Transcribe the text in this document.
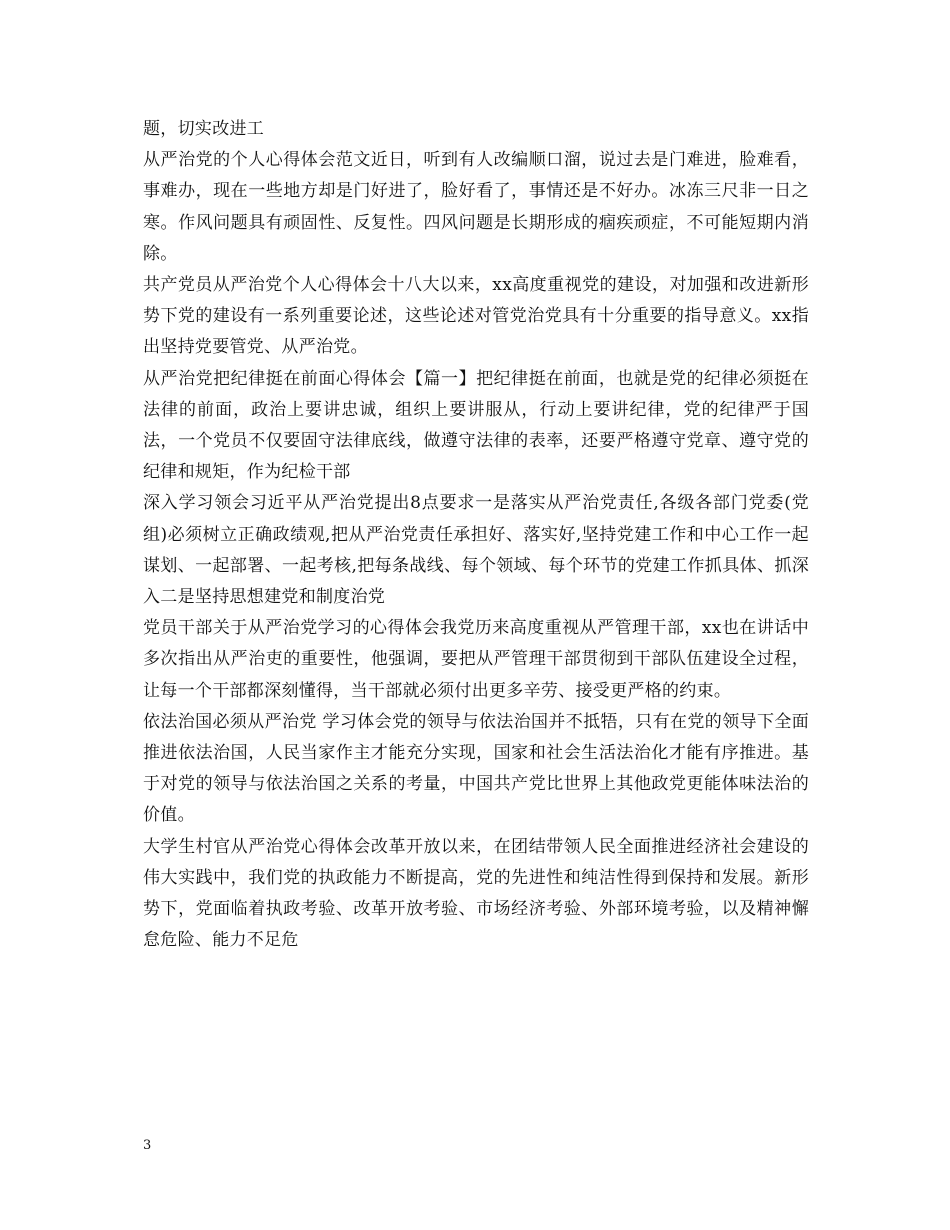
题，切实改进工

从严治党的个人心得体会范文近日，听到有人改编顺口溜，说过去是门难进，脸难看，事难办，现在一些地方却是门好进了，脸好看了，事情还是不好办。冰冻三尺非一日之寒。作风问题具有顽固性、反复性。四风问题是长期形成的痼疾顽症，不可能短期内消除。

共产党员从严治党个人心得体会十八大以来，xx高度重视党的建设，对加强和改进新形势下党的建设有一系列重要论述，这些论述对管党治党具有十分重要的指导意义。xx指出坚持党要管党、从严治党。

从严治党把纪律挺在前面心得体会【篇一】把纪律挺在前面，也就是党的纪律必须挺在法律的前面，政治上要讲忠诚，组织上要讲服从，行动上要讲纪律，党的纪律严于国法，一个党员不仅要固守法律底线，做遵守法律的表率，还要严格遵守党章、遵守党的纪律和规矩，作为纪检干部

深入学习领会习近平从严治党提出8点要求一是落实从严治党责任,各级各部门党委(党组)必须树立正确政绩观,把从严治党责任承担好、落实好,坚持党建工作和中心工作一起谋划、一起部署、一起考核,把每条战线、每个领域、每个环节的党建工作抓具体、抓深入二是坚持思想建党和制度治党

党员干部关于从严治党学习的心得体会我党历来高度重视从严管理干部，xx也在讲话中多次指出从严治吏的重要性，他强调，要把从严管理干部贯彻到干部队伍建设全过程，让每一个干部都深刻懂得，当干部就必须付出更多辛劳、接受更严格的约束。

依法治国必须从严治党 学习体会党的领导与依法治国并不抵牾，只有在党的领导下全面推进依法治国，人民当家作主才能充分实现，国家和社会生活法治化才能有序推进。基于对党的领导与依法治国之关系的考量，中国共产党比世界上其他政党更能体味法治的价值。

大学生村官从严治党心得体会改革开放以来，在团结带领人民全面推进经济社会建设的伟大实践中，我们党的执政能力不断提高，党的先进性和纯洁性得到保持和发展。新形势下，党面临着执政考验、改革开放考验、市场经济考验、外部环境考验，以及精神懈怠危险、能力不足危

3
